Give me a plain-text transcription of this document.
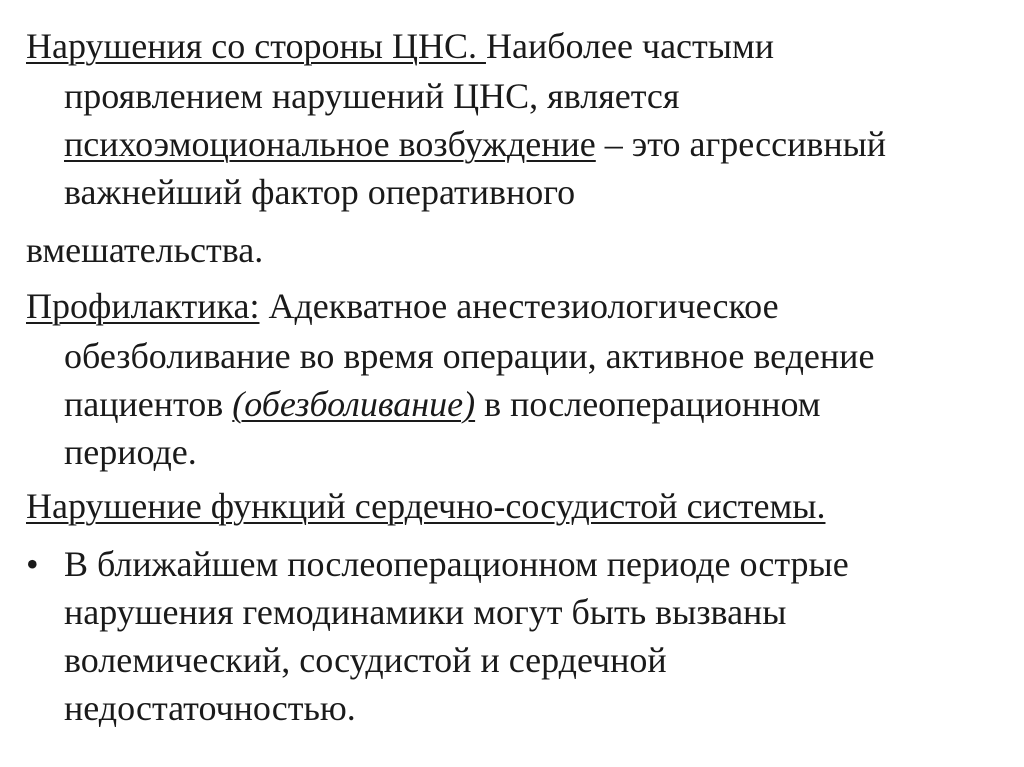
Нарушения со стороны ЦНС. Наиболее частыми
проявлением нарушений ЦНС, является
психоэмоциональное возбуждение – это агрессивный
важнейший фактор оперативного
вмешательства.
Профилактика: Адекватное анестезиологическое
обезболивание во время операции, активное ведение
пациентов (обезболивание) в послеоперационном
периоде.
Нарушение функций сердечно-сосудистой системы.
• В ближайшем послеоперационном периоде острые
нарушения гемодинамики могут быть вызваны
волемический, сосудистой и сердечной
недостаточностью.
